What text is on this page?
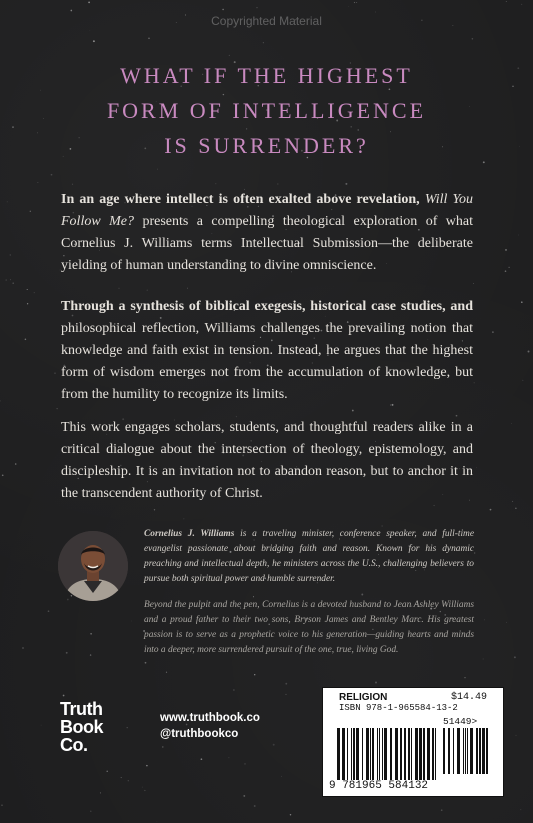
Copyrighted Material
WHAT IF THE HIGHEST
FORM OF INTELLIGENCE
IS SURRENDER?
In an age where intellect is often exalted above revelation, Will You Follow Me? presents a compelling theological exploration of what Cornelius J. Williams terms Intellectual Submission—the deliberate yielding of human understanding to divine omniscience.
Through a synthesis of biblical exegesis, historical case studies, and philosophical reflection, Williams challenges the prevailing notion that knowledge and faith exist in tension. Instead, he argues that the highest form of wisdom emerges not from the accumulation of knowledge, but from the humility to recognize its limits.
This work engages scholars, students, and thoughtful readers alike in a critical dialogue about the intersection of theology, epistemology, and discipleship. It is an invitation not to abandon reason, but to anchor it in the transcendent authority of Christ.
Cornelius J. Williams is a traveling minister, conference speaker, and full-time evangelist passionate about bridging faith and reason. Known for his dynamic preaching and intellectual depth, he ministers across the U.S., challenging believers to pursue both spiritual power and humble surrender.
Beyond the pulpit and the pen, Cornelius is a devoted husband to Jean Ashley Williams and a proud father to their two sons, Bryson James and Bentley Marc. His greatest passion is to serve as a prophetic voice to his generation—guiding hearts and minds into a deeper, more surrendered pursuit of the one, true, living God.
Truth
Book
Co.
www.truthbook.co
@truthbookco
RELIGION	$14.49
ISBN 978-1-965584-13-2
51449>
9 781965 584132
